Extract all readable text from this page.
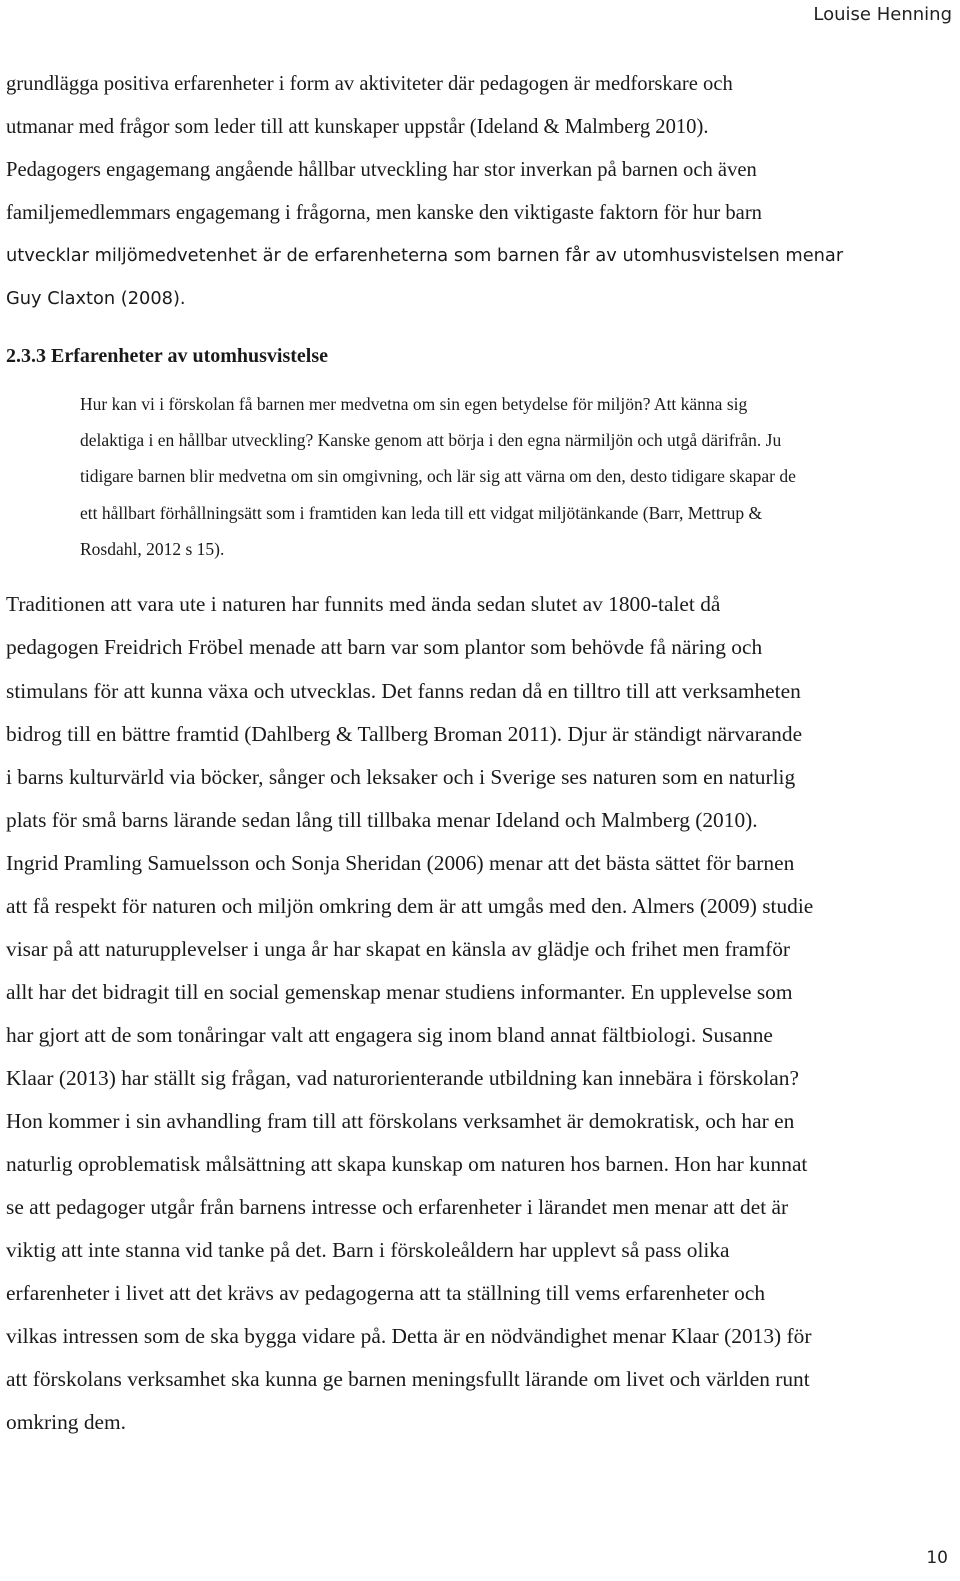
Louise Henning
grundlägga positiva erfarenheter i form av aktiviteter där pedagogen är medforskare och
utmanar med frågor som leder till att kunskaper uppstår (Ideland & Malmberg 2010).
Pedagogers engagemang angående hållbar utveckling har stor inverkan på barnen och även
familjemedlemmars engagemang i frågorna, men kanske den viktigaste faktorn för hur barn
utvecklar miljömedvetenhet är de erfarenheterna som barnen får av utomhusvistelsen menar
Guy Claxton (2008).
2.3.3 Erfarenheter av utomhusvistelse
Hur kan vi i förskolan få barnen mer medvetna om sin egen betydelse för miljön? Att känna sig
delaktiga i en hållbar utveckling? Kanske genom att börja i den egna närmiljön och utgå därifrån. Ju
tidigare barnen blir medvetna om sin omgivning, och lär sig att värna om den, desto tidigare skapar de
ett hållbart förhållningsätt som i framtiden kan leda till ett vidgat miljötänkande (Barr, Mettrup &
Rosdahl, 2012 s 15).
Traditionen att vara ute i naturen har funnits med ända sedan slutet av 1800-talet då
pedagogen Freidrich Fröbel menade att barn var som plantor som behövde få näring och
stimulans för att kunna växa och utvecklas. Det fanns redan då en tilltro till att verksamheten
bidrog till en bättre framtid (Dahlberg & Tallberg Broman 2011). Djur är ständigt närvarande
i barns kulturvärld via böcker, sånger och leksaker och i Sverige ses naturen som en naturlig
plats för små barns lärande sedan lång till tillbaka menar Ideland och Malmberg (2010).
Ingrid Pramling Samuelsson och Sonja Sheridan (2006) menar att det bästa sättet för barnen
att få respekt för naturen och miljön omkring dem är att umgås med den. Almers (2009) studie
visar på att naturupplevelser i unga år har skapat en känsla av glädje och frihet men framför
allt har det bidragit till en social gemenskap menar studiens informanter. En upplevelse som
har gjort att de som tonåringar valt att engagera sig inom bland annat fältbiologi. Susanne
Klaar (2013) har ställt sig frågan, vad naturorienterande utbildning kan innebära i förskolan?
Hon kommer i sin avhandling fram till att förskolans verksamhet är demokratisk, och har en
naturlig oproblematisk målsättning att skapa kunskap om naturen hos barnen. Hon har kunnat
se att pedagoger utgår från barnens intresse och erfarenheter i lärandet men menar att det är
viktig att inte stanna vid tanke på det. Barn i förskoleåldern har upplevt så pass olika
erfarenheter i livet att det krävs av pedagogerna att ta ställning till vems erfarenheter och
vilkas intressen som de ska bygga vidare på. Detta är en nödvändighet menar Klaar (2013) för
att förskolans verksamhet ska kunna ge barnen meningsfullt lärande om livet och världen runt
omkring dem.
10
